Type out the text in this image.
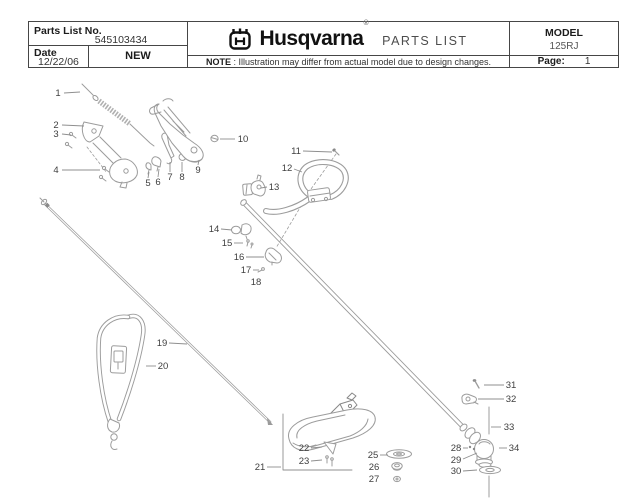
1
2
3
4
5 6 7 8
9
10
11
12
13
14
15
16
17
18
19
20
21
22
23
25
26
27
28
29
30
31
32
33
34
Parts List No.
545103434
Date
12/22/06	NEW
Husqvarna®
PARTS LIST
NOTE : Illustration may differ from actual model due to design changes.
MODEL
125RJ
Page: 1
